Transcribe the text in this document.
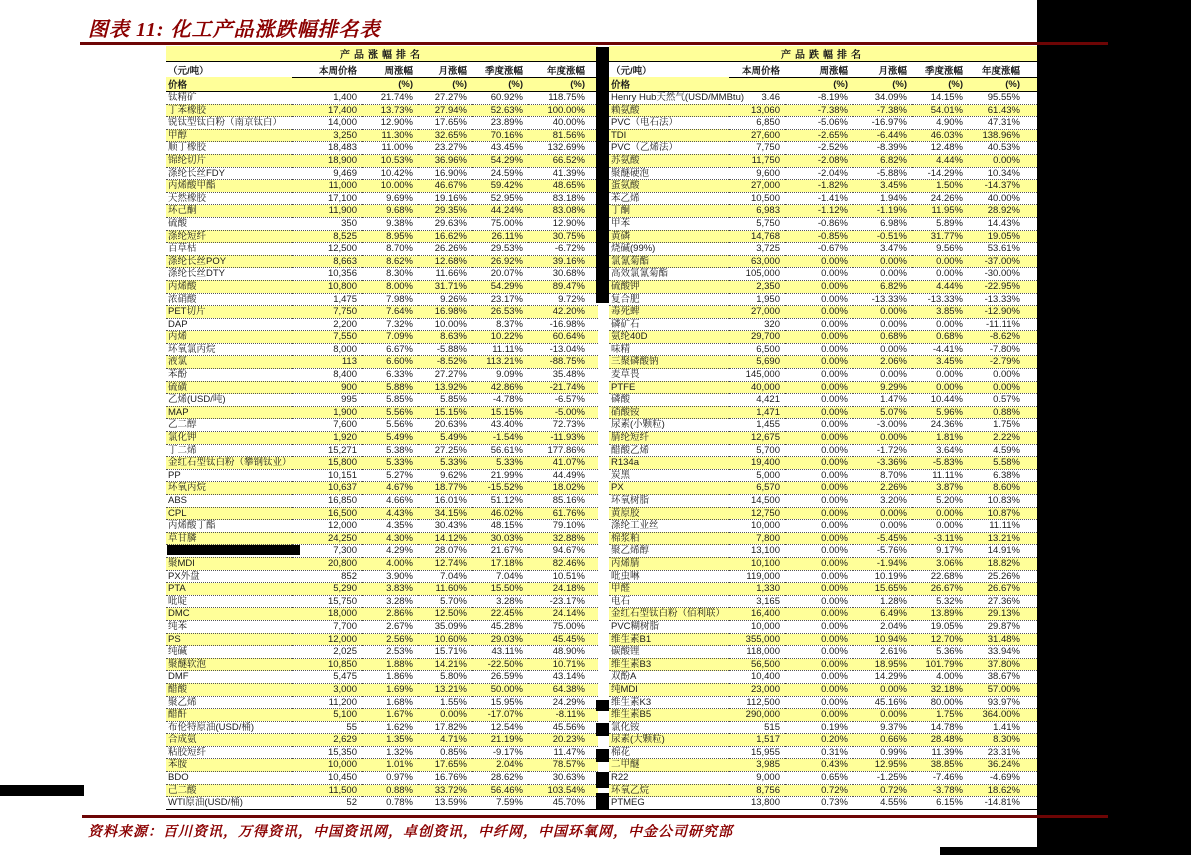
图表 11: 化工产品涨跌幅排名表
产品涨幅排名					
（元/吨）	本周价格	周涨幅	月涨幅	季度涨幅	年度涨幅
价格		(%)	(%)	(%)	(%)
钛精矿	1,400	21.74%	27.27%	60.92%	118.75%
丁苯橡胶	17,400	13.73%	27.94%	52.63%	100.00%
锐钛型钛白粉（南京钛白）	14,000	12.90%	17.65%	23.89%	40.00%
甲醇	3,250	11.30%	32.65%	70.16%	81.56%
顺丁橡胶	18,483	11.00%	23.27%	43.45%	132.69%
锦纶切片	18,900	10.53%	36.96%	54.29%	66.52%
涤纶长丝FDY	9,469	10.42%	16.90%	24.59%	41.39%
丙烯酸甲酯	11,000	10.00%	46.67%	59.42%	48.65%
天然橡胶	17,100	9.69%	19.16%	52.95%	83.18%
环己酮	11,900	9.68%	29.35%	44.24%	83.08%
硫酸	350	9.38%	29.63%	75.00%	12.90%
涤纶短纤	8,525	8.95%	16.62%	26.11%	30.75%
百草枯	12,500	8.70%	26.26%	29.53%	-6.72%
涤纶长丝POY	8,663	8.62%	12.68%	26.92%	39.16%
涤纶长丝DTY	10,356	8.30%	11.66%	20.07%	30.68%
丙烯酸	10,800	8.00%	31.71%	54.29%	89.47%
浓硝酸	1,475	7.98%	9.26%	23.17%	9.72%
PET切片	7,750	7.64%	16.98%	26.53%	42.20%
DAP	2,200	7.32%	10.00%	8.37%	-16.98%
丙烯	7,550	7.09%	8.63%	10.22%	60.64%
环氧氯丙烷	8,000	6.67%	-5.88%	11.11%	-13.04%
液氯	113	6.60%	-8.52%	113.21%	-88.75%
苯酚	8,400	6.33%	27.27%	9.09%	35.48%
硫磺	900	5.88%	13.92%	42.86%	-21.74%
乙烯(USD/吨)	995	5.85%	5.85%	-4.78%	-6.57%
MAP	1,900	5.56%	15.15%	15.15%	-5.00%
乙二醇	7,600	5.56%	20.63%	43.40%	72.73%
氯化钾	1,920	5.49%	5.49%	-1.54%	-11.93%
丁二烯	15,271	5.38%	27.25%	56.61%	177.86%
金红石型钛白粉（攀钢钛业）	15,800	5.33%	5.33%	5.33%	41.07%
PP	10,151	5.27%	9.62%	21.99%	44.49%
环氧丙烷	10,637	4.67%	18.77%	-15.52%	18.02%
ABS	16,850	4.66%	16.01%	51.12%	85.16%
CPL	16,500	4.43%	34.15%	46.02%	61.76%
丙烯酸丁酯	12,000	4.35%	30.43%	48.15%	79.10%
草甘膦	24,250	4.30%	14.12%	30.03%	32.88%
	7,300	4.29%	28.07%	21.67%	94.67%
聚MDI	20,800	4.00%	12.74%	17.18%	82.46%
PX外盘	852	3.90%	7.04%	7.04%	10.51%
PTA	5,290	3.83%	11.60%	15.50%	24.18%
吡啶	15,750	3.28%	5.70%	3.28%	-23.17%
DMC	18,000	2.86%	12.50%	22.45%	24.14%
纯苯	7,700	2.67%	35.09%	45.28%	75.00%
PS	12,000	2.56%	10.60%	29.03%	45.45%
纯碱	2,025	2.53%	15.71%	43.11%	48.90%
聚醚软泡	10,850	1.88%	14.21%	-22.50%	10.71%
DMF	5,475	1.86%	5.80%	26.59%	43.14%
醋酸	3,000	1.69%	13.21%	50.00%	64.38%
聚乙烯	11,200	1.68%	1.55%	15.95%	24.29%
醋酐	5,100	1.67%	0.00%	-17.07%	-8.11%
布伦特原油(USD/桶)	55	1.62%	17.82%	12.54%	45.56%
合成氨	2,629	1.35%	4.71%	21.19%	20.23%
粘胶短纤	15,350	1.32%	0.85%	-9.17%	11.47%
苯胺	10,000	1.01%	17.65%	2.04%	78.57%
BDO	10,450	0.97%	16.76%	28.62%	30.63%
己二酸	11,500	0.88%	33.72%	56.46%	103.54%
WTI原油(USD/桶)	52	0.78%	13.59%	7.59%	45.70%
产品跌幅排名					
（元/吨）	本周价格	周涨幅	月涨幅	季度涨幅	年度涨幅
价格		(%)	(%)	(%)	(%)
Henry Hub天然气(USD/MMBtu)	3.46	-8.19%	34.09%	14.15%	95.55%
赖氨酸	13,060	-7.38%	-7.38%	54.01%	61.43%
PVC（电石法）	6,850	-5.06%	-16.97%	4.90%	47.31%
TDI	27,600	-2.65%	-6.44%	46.03%	138.96%
PVC（乙烯法）	7,750	-2.52%	-8.39%	12.48%	40.53%
苏氨酸	11,750	-2.08%	6.82%	4.44%	0.00%
聚醚硬泡	9,600	-2.04%	-5.88%	-14.29%	10.34%
蛋氨酸	27,000	-1.82%	3.45%	1.50%	-14.37%
苯乙烯	10,500	-1.41%	1.94%	24.26%	40.00%
丁酮	6,983	-1.12%	-1.19%	11.95%	28.92%
甲苯	5,750	-0.86%	6.98%	5.89%	14.43%
黄磷	14,768	-0.85%	-0.51%	31.77%	19.05%
烧碱(99%)	3,725	-0.67%	3.47%	9.56%	53.61%
氯氰菊酯	63,000	0.00%	0.00%	0.00%	-37.00%
高效氯氰菊酯	105,000	0.00%	0.00%	0.00%	-30.00%
硫酸钾	2,350	0.00%	6.82%	4.44%	-22.95%
复合肥	1,950	0.00%	-13.33%	-13.33%	-13.33%
毒死蜱	27,000	0.00%	0.00%	3.85%	-12.90%
磷矿石	320	0.00%	0.00%	0.00%	-11.11%
氨纶40D	29,700	0.00%	0.68%	0.68%	-8.62%
味精	6,500	0.00%	0.00%	-4.41%	-7.80%
三聚磷酸钠	5,690	0.00%	2.06%	3.45%	-2.79%
麦草畏	145,000	0.00%	0.00%	0.00%	0.00%
PTFE	40,000	0.00%	9.29%	0.00%	0.00%
磷酸	4,421	0.00%	1.47%	10.44%	0.57%
硝酸铵	1,471	0.00%	5.07%	5.96%	0.88%
尿素(小颗粒)	1,455	0.00%	-3.00%	24.36%	1.75%
腈纶短纤	12,675	0.00%	0.00%	1.81%	2.22%
醋酸乙烯	5,700	0.00%	-1.72%	3.64%	4.59%
R134a	19,400	0.00%	-3.36%	-5.83%	5.58%
炭黑	5,000	0.00%	8.70%	11.11%	6.38%
PX	6,570	0.00%	2.26%	3.87%	8.60%
环氧树脂	14,500	0.00%	3.20%	5.20%	10.83%
黄原胶	12,750	0.00%	0.00%	0.00%	10.87%
涤纶工业丝	10,000	0.00%	0.00%	0.00%	11.11%
棉浆粕	7,800	0.00%	-5.45%	-3.11%	13.21%
聚乙烯醇	13,100	0.00%	-5.76%	9.17%	14.91%
丙烯腈	10,100	0.00%	-1.94%	3.06%	18.82%
吡虫啉	119,000	0.00%	10.19%	22.68%	25.26%
甲醛	1,330	0.00%	15.65%	26.67%	26.67%
电石	3,165	0.00%	1.28%	5.32%	27.36%
金红石型钛白粉（佰利联）	16,400	0.00%	6.49%	13.89%	29.13%
PVC糊树脂	10,000	0.00%	2.04%	19.05%	29.87%
维生素B1	355,000	0.00%	10.94%	12.70%	31.48%
碳酸锂	118,000	0.00%	2.61%	5.36%	33.94%
维生素B3	56,500	0.00%	18.95%	101.79%	37.80%
双酚A	10,400	0.00%	14.29%	4.00%	38.67%
纯MDI	23,000	0.00%	0.00%	32.18%	57.00%
维生素K3	112,500	0.00%	45.16%	80.00%	93.97%
维生素B5	290,000	0.00%	0.00%	1.75%	364.00%
氯化铵	515	0.19%	9.37%	14.78%	1.41%
尿素(大颗粒)	1,517	0.20%	0.66%	28.48%	8.30%
棉花	15,955	0.31%	0.99%	11.39%	23.31%
二甲醚	3,985	0.43%	12.95%	38.85%	36.24%
R22	9,000	0.65%	-1.25%	-7.46%	-4.69%
环氧乙烷	8,756	0.72%	0.72%	-3.78%	18.62%
PTMEG	13,800	0.73%	4.55%	6.15%	-14.81%
资料来源：百川资讯，万得资讯，中国资讯网，卓创资讯，中纤网，中国环氧网，中金公司研究部
